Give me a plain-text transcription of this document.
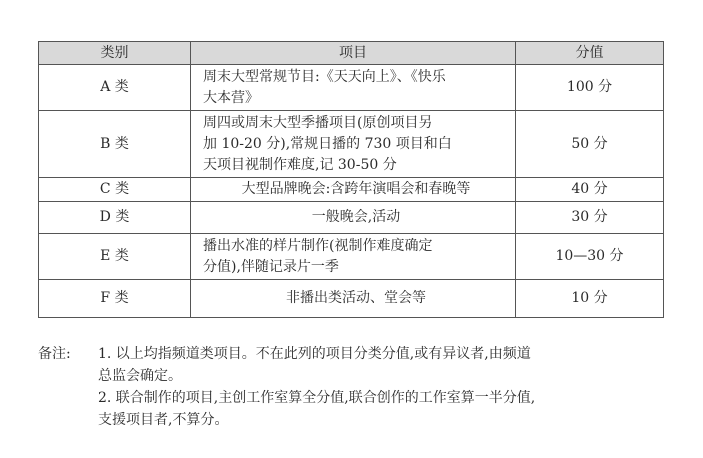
类别	项目	分值
A 类	周末大型常规节目:《天天向上》、《快乐
大本营》	100 分
B 类	周四或周末大型季播项目(原创项目另
加 10-20 分),常规日播的 730 项目和白
天项目视制作难度,记 30-50 分	50 分
C 类	大型品牌晚会:含跨年演唱会和春晚等	40 分
D 类	一般晚会,活动	30 分
E 类	播出水准的样片制作(视制作难度确定
分值),伴随记录片一季	10—30 分
F 类	非播出类活动、堂会等	10 分
备注:	1. 以上均指频道类项目。不在此列的项目分类分值,或有异议者,由频道
总监会确定。
2. 联合制作的项目,主创工作室算全分值,联合创作的工作室算一半分值,
支援项目者,不算分。
